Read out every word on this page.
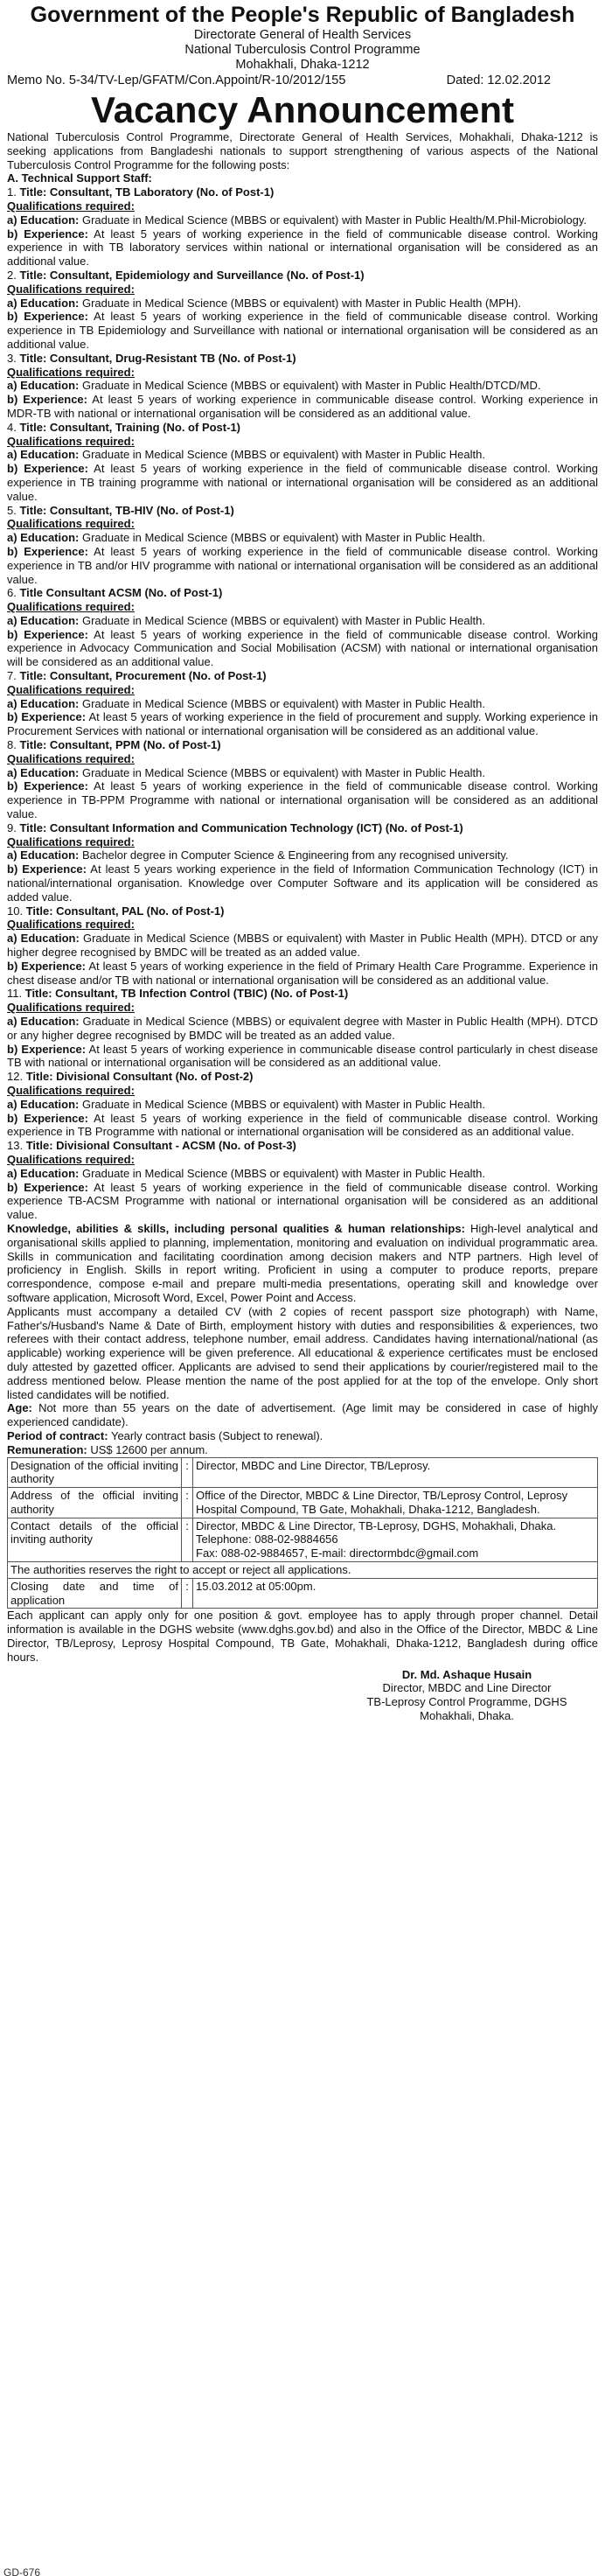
Government of the People's Republic of Bangladesh
Directorate General of Health Services
National Tuberculosis Control Programme
Mohakhali, Dhaka-1212
Memo No. 5-34/TV-Lep/GFATM/Con.Appoint/R-10/2012/155	Dated: 12.02.2012
Vacancy Announcement

National Tuberculosis Control Programme, Directorate General of Health Services, Mohakhali, Dhaka-1212 is seeking applications from Bangladeshi nationals to support strengthening of various aspects of the National Tuberculosis Control Programme for the following posts:

A. Technical Support Staff:

1. Title: Consultant, TB Laboratory (No. of Post-1)

Qualifications required:

a) Education: Graduate in Medical Science (MBBS or equivalent) with Master in Public Health/M.Phil-Microbiology.

b) Experience: At least 5 years of working experience in the field of communicable disease control. Working experience in with TB laboratory services within national or international organisation will be considered as an additional value.

2. Title: Consultant, Epidemiology and Surveillance (No. of Post-1)

Qualifications required:

a) Education: Graduate in Medical Science (MBBS or equivalent) with Master in Public Health (MPH).

b) Experience: At least 5 years of working experience in the field of communicable disease control. Working experience in TB Epidemiology and Surveillance with national or international organisation will be considered as an additional value.

3. Title: Consultant, Drug-Resistant TB (No. of Post-1)

Qualifications required:

a) Education: Graduate in Medical Science (MBBS or equivalent) with Master in Public Health/DTCD/MD.

b) Experience: At least 5 years of working experience in communicable disease control. Working experience in MDR-TB with national or international organisation will be considered as an additional value.

4. Title: Consultant, Training (No. of Post-1)

Qualifications required:

a) Education: Graduate in Medical Science (MBBS or equivalent) with Master in Public Health.

b) Experience: At least 5 years of working experience in the field of communicable disease control. Working experience in TB training programme with national or international organisation will be considered as an additional value.

5. Title: Consultant, TB-HIV (No. of Post-1)

Qualifications required:

a) Education: Graduate in Medical Science (MBBS or equivalent) with Master in Public Health.

b) Experience: At least 5 years of working experience in the field of communicable disease control. Working experience in TB and/or HIV programme with national or international organisation will be considered as an additional value.

6. Title Consultant ACSM (No. of Post-1)

Qualifications required:

a) Education: Graduate in Medical Science (MBBS or equivalent) with Master in Public Health.

b) Experience: At least 5 years of working experience in the field of communicable disease control. Working experience in Advocacy Communication and Social Mobilisation (ACSM) with national or international organisation will be considered as an additional value.

7. Title: Consultant, Procurement (No. of Post-1)

Qualifications required:

a) Education: Graduate in Medical Science (MBBS or equivalent) with Master in Public Health.

b) Experience: At least 5 years of working experience in the field of procurement and supply. Working experience in Procurement Services with national or international organisation will be considered as an additional value.

8. Title: Consultant, PPM (No. of Post-1)

Qualifications required:

a) Education: Graduate in Medical Science (MBBS or equivalent) with Master in Public Health.

b) Experience: At least 5 years of working experience in the field of communicable disease control. Working experience in TB-PPM Programme with national or international organisation will be considered as an additional value.

9. Title: Consultant Information and Communication Technology (ICT) (No. of Post-1)

Qualifications required:

a) Education: Bachelor degree in Computer Science & Engineering from any recognised university.

b) Experience: At least 5 years working experience in the field of Information Communication Technology (ICT) in national/international organisation. Knowledge over Computer Software and its application will be considered as added value.

10. Title: Consultant, PAL (No. of Post-1)

Qualifications required:

a) Education: Graduate in Medical Science (MBBS or equivalent) with Master in Public Health (MPH). DTCD or any higher degree recognised by BMDC will be treated as an added value.

b) Experience: At least 5 years of working experience in the field of Primary Health Care Programme. Experience in chest disease and/or TB with national or international organisation will be considered as an additional value.

11. Title: Consultant, TB Infection Control (TBIC) (No. of Post-1)

Qualifications required:

a) Education: Graduate in Medical Science (MBBS) or equivalent degree with Master in Public Health (MPH). DTCD or any higher degree recognised by BMDC will be treated as an added value.

b) Experience: At least 5 years of working experience in communicable disease control particularly in chest disease TB with national or international organisation will be considered as an additional value.

12. Title: Divisional Consultant (No. of Post-2)

Qualifications required:

a) Education: Graduate in Medical Science (MBBS or equivalent) with Master in Public Health.

b) Experience: At least 5 years of working experience in the field of communicable disease control. Working experience in TB Programme with national or international organisation will be considered as an additional value.

13. Title: Divisional Consultant - ACSM (No. of Post-3)

Qualifications required:

a) Education: Graduate in Medical Science (MBBS or equivalent) with Master in Public Health.

b) Experience: At least 5 years of working experience in the field of communicable disease control. Working experience TB-ACSM Programme with national or international organisation will be considered as an additional value.

Knowledge, abilities & skills, including personal qualities & human relationships: High-level analytical and organisational skills applied to planning, implementation, monitoring and evaluation on individual programmatic area. Skills in communication and facilitating coordination among decision makers and NTP partners. High level of proficiency in English. Skills in report writing. Proficient in using a computer to produce reports, prepare correspondence, compose e-mail and prepare multi-media presentations, operating skill and knowledge over software application, Microsoft Word, Excel, Power Point and Access.

Applicants must accompany a detailed CV (with 2 copies of recent passport size photograph) with Name, Father's/Husband's Name & Date of Birth, employment history with duties and responsibilities & experiences, two referees with their contact address, telephone number, email address. Candidates having international/national (as applicable) working experience will be given preference. All educational & experience certificates must be enclosed duly attested by gazetted officer. Applicants are advised to send their applications by courier/registered mail to the address mentioned below. Please mention the name of the post applied for at the top of the envelope. Only short listed candidates will be notified.

Age: Not more than 55 years on the date of advertisement. (Age limit may be considered in case of highly experienced candidate).

Period of contract: Yearly contract basis (Subject to renewal).

Remuneration: US$ 12600 per annum.

Designation of the official inviting authority	:	Director, MBDC and Line Director, TB/Leprosy.

Address of the official inviting authority	:	Office of the Director, MBDC & Line Director, TB/Leprosy Control, Leprosy Hospital Compound, TB Gate, Mohakhali, Dhaka-1212, Bangladesh.

Contact details of the official inviting authority	:	Director, MBDC & Line Director, TB-Leprosy, DGHS, Mohakhali, Dhaka.
Telephone: 088-02-9884656
Fax: 088-02-9884657, E-mail: directormbdc@gmail.com

The authorities reserves the right to accept or reject all applications.		
Closing date and time of application	:	15.03.2012 at 05:00pm.

Each applicant can apply only for one position & govt. employee has to apply through proper channel. Detail information is available in the DGHS website (www.dghs.gov.bd) and also in the Office of the Director, MBDC & Line Director, TB/Leprosy, Leprosy Hospital Compound, TB Gate, Mohakhali, Dhaka-1212, Bangladesh during office hours.

Dr. Md. Ashaque Husain
Director, MBDC and Line Director
TB-Leprosy Control Programme, DGHS
Mohakhali, Dhaka.
GD-676
